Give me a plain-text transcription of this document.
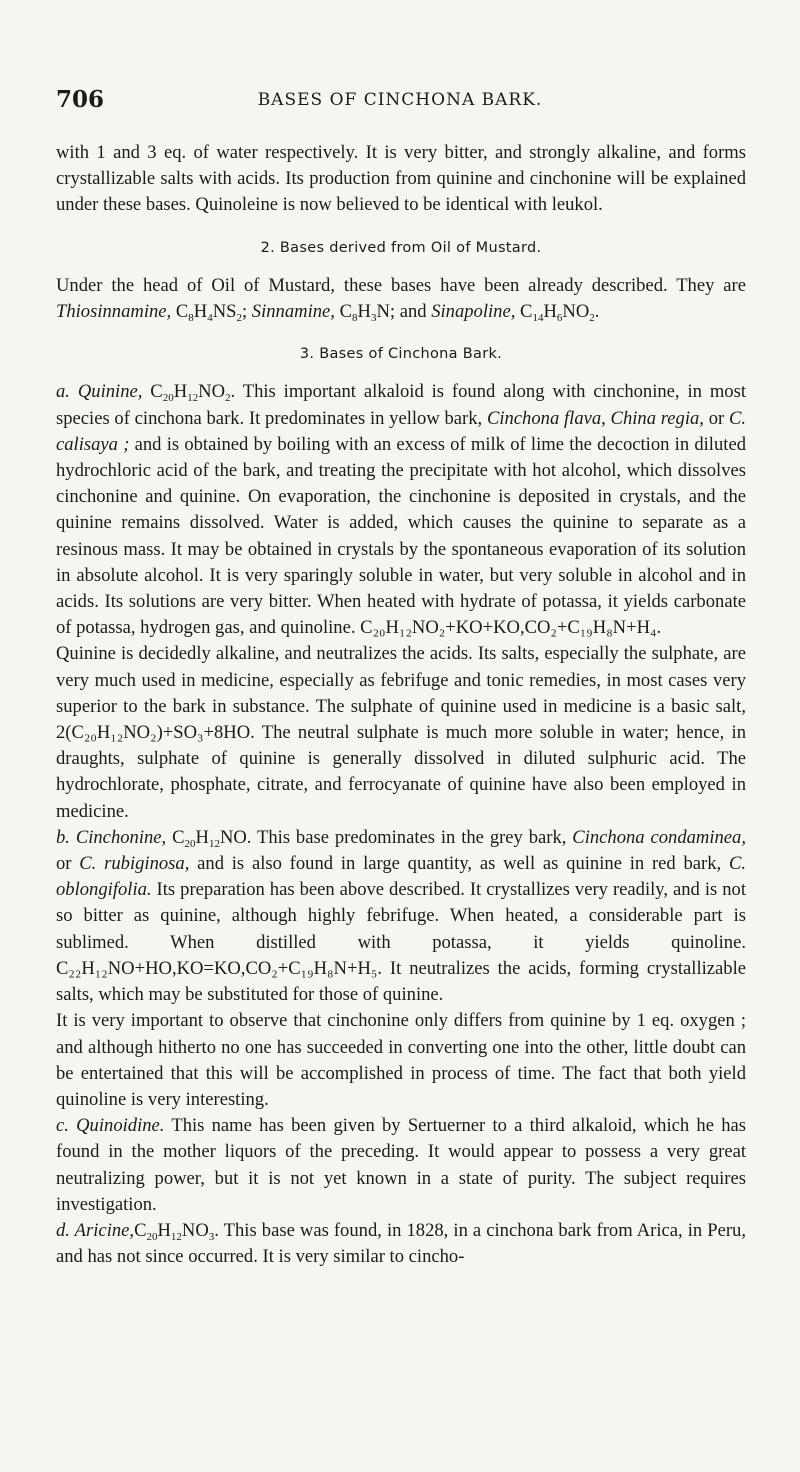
706	BASES OF CINCHONA BARK.

with 1 and 3 eq. of water respectively. It is very bitter, and strongly alkaline, and forms crystallizable salts with acids. Its production from quinine and cinchonine will be explained under these bases. Quinoleine is now believed to be identical with leukol.

2. Bases derived from Oil of Mustard.

Under the head of Oil of Mustard, these bases have been already described. They are Thiosinnamine, $C_8H_4NS_2$; Sinnamine, $C_8H_3N$; and Sinapoline, $C_{14}H_6NO_2$.

3. Bases of Cinchona Bark.

a. Quinine, $C_{20}H_{12}NO_2$. This important alkaloid is found along with cinchonine, in most species of cinchona bark. It predominates in yellow bark, Cinchona flava, China regia, or C. calisaya ; and is obtained by boiling with an excess of milk of lime the decoction in diluted hydrochloric acid of the bark, and treating the precipitate with hot alcohol, which dissolves cinchonine and quinine. On evaporation, the cinchonine is deposited in crystals, and the quinine remains dissolved. Water is added, which causes the quinine to separate as a resinous mass. It may be obtained in crystals by the spontaneous evaporation of its solution in absolute alcohol. It is very sparingly soluble in water, but very soluble in alcohol and in acids. Its solutions are very bitter. When heated with hydrate of potassa, it yields carbonate of potassa, hydrogen gas, and quinoline. C₂₀H₁₂NO₂+KO+KO,CO₂+C₁₉H₈N+H₄.

Quinine is decidedly alkaline, and neutralizes the acids. Its salts, especially the sulphate, are very much used in medicine, especially as febrifuge and tonic remedies, in most cases very superior to the bark in substance. The sulphate of quinine used in medicine is a basic salt, 2(C₂₀H₁₂NO₂)+SO₃+8HO. The neutral sulphate is much more soluble in water; hence, in draughts, sulphate of quinine is generally dissolved in diluted sulphuric acid. The hydrochlorate, phosphate, citrate, and ferrocyanate of quinine have also been employed in medicine.

b. Cinchonine, $C_{20}H_{12}NO$. This base predominates in the grey bark, Cinchona condaminea, or C. rubiginosa, and is also found in large quantity, as well as quinine in red bark, C. oblongifolia. Its preparation has been above described. It crystallizes very readily, and is not so bitter as quinine, although highly febrifuge. When heated, a considerable part is sublimed. When distilled with potassa, it yields quinoline. C₂₂H₁₂NO+HO,KO=KO,CO₂+C₁₉H₈N+H₅. It neutralizes the acids, forming crystallizable salts, which may be substituted for those of quinine.

It is very important to observe that cinchonine only differs from quinine by 1 eq. oxygen ; and although hitherto no one has succeeded in converting one into the other, little doubt can be entertained that this will be accomplished in process of time. The fact that both yield quinoline is very interesting.

c. Quinoidine. This name has been given by Sertuerner to a third alkaloid, which he has found in the mother liquors of the preceding. It would appear to possess a very great neutralizing power, but it is not yet known in a state of purity. The subject requires investigation.

d. $Aricine,C_{20}H_{12}NO_3$. This base was found, in 1828, in a cinchona bark from Arica, in Peru, and has not since occurred. It is very similar to cincho-
